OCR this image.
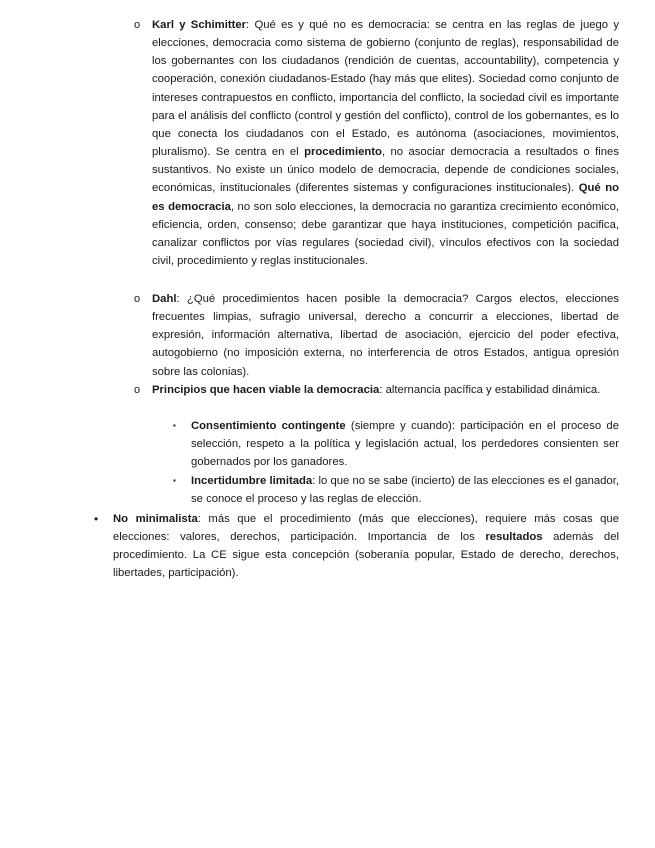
o Karl y Schimitter: Qué es y qué no es democracia: se centra en las reglas de juego y elecciones, democracia como sistema de gobierno (conjunto de reglas), responsabilidad de los gobernantes con los ciudadanos (rendición de cuentas, accountability), competencia y cooperación, conexión ciudadanos-Estado (hay más que elites). Sociedad como conjunto de intereses contrapuestos en conflicto, importancia del conflicto, la sociedad civil es importante para el análisis del conflicto (control y gestión del conflicto), control de los gobernantes, es lo que conecta los ciudadanos con el Estado, es autónoma (asociaciones, movimientos, pluralismo). Se centra en el procedimiento, no asociar democracia a resultados o fines sustantivos. No existe un único modelo de democracia, depende de condiciones sociales, económicas, institucionales (diferentes sistemas y configuraciones institucionales). Qué no es democracia, no son solo elecciones, la democracia no garantiza crecimiento económico, eficiencia, orden, consenso; debe garantizar que haya instituciones, competición pacifica, canalizar conflictos por vías regulares (sociedad civil), vínculos efectivos con la sociedad civil, procedimiento y reglas institucionales.

o Dahl: ¿Qué procedimientos hacen posible la democracia? Cargos electos, elecciones frecuentes limpias, sufragio universal, derecho a concurrir a elecciones, libertad de expresión, información alternativa, libertad de asociación, ejercicio del poder efectiva, autogobierno (no imposición externa, no interferencia de otros Estados, antigua opresión sobre las colonias).

o Principios que hacen viable la democracia: alternancia pacífica y estabilidad dinámica.

▪ Consentimiento contingente (siempre y cuando): participación en el proceso de selección, respeto a la política y legislación actual, los perdedores consienten ser gobernados por los ganadores.

▪ Incertidumbre limitada: lo que no se sabe (incierto) de las elecciones es el ganador, se conoce el proceso y las reglas de elección.

• No minimalista: más que el procedimiento (más que elecciones), requiere más cosas que elecciones: valores, derechos, participación. Importancia de los resultados además del procedimiento. La CE sigue esta concepción (soberanía popular, Estado de derecho, derechos, libertades, participación).
